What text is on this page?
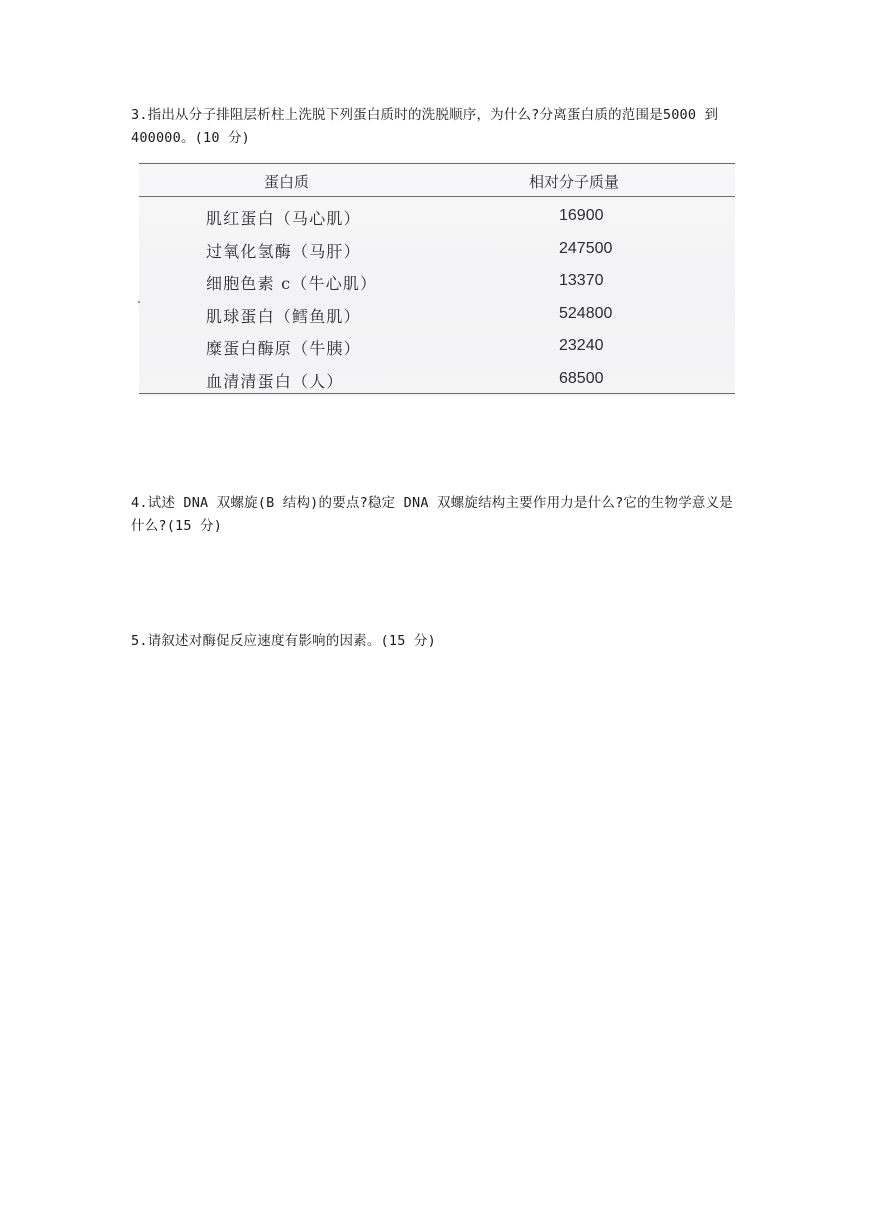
3.指出从分子排阻层析柱上洗脱下列蛋白质时的洗脱顺序，为什么?分离蛋白质的范围是5000 到 400000。(10 分)
蛋白质	相对分子质量
肌红蛋白（马心肌）	16900
过氧化氢酶（马肝）	247500
细胞色素 c（牛心肌）	13370
肌球蛋白（鳕鱼肌）	524800
糜蛋白酶原（牛胰）	23240
血清清蛋白（人）	68500
4.试述 DNA 双螺旋(B 结构)的要点?稳定 DNA 双螺旋结构主要作用力是什么?它的生物学意义是什么?(15 分)
5.请叙述对酶促反应速度有影响的因素。(15 分)
